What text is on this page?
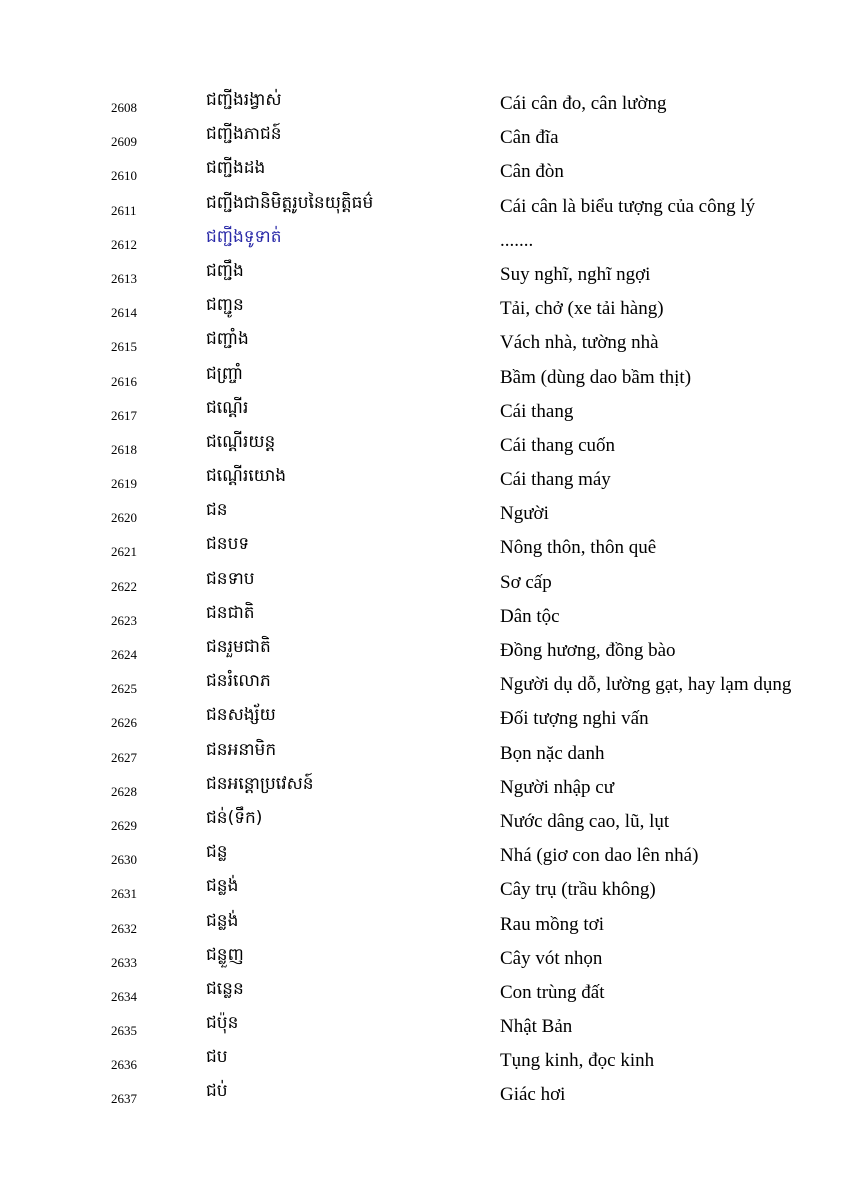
2608	ជញ្ជីងរង្វាស់	Cái cân đo, cân lường
2609	ជញ្ជីងភាជន៍	Cân đĩa
2610	ជញ្ជីងដង	Cân đòn
2611	ជញ្ជីងជានិមិត្តរូបនៃយុត្តិធម៌	Cái cân là biểu tượng của công lý
2612	ជញ្ជីងទូទាត់	.......
2613	ជញ្ជឹង	Suy nghĩ, nghĩ ngợi
2614	ជញ្ជូន	Tải, chở (xe tải hàng)
2615	ជញ្ជាំង	Vách nhà, tường nhà
2616	ជញ្ច្រាំ	Bầm (dùng dao bầm thịt)
2617	ជណ្ដើរ	Cái thang
2618	ជណ្ដើរយន្ត	Cái thang cuốn
2619	ជណ្ដើរយោង	Cái thang máy
2620	ជន	Người
2621	ជនបទ	Nông thôn, thôn quê
2622	ជនទាប	Sơ cấp
2623	ជនជាតិ	Dân tộc
2624	ជនរួមជាតិ	Đồng hương, đồng bào
2625	ជនរំលោភ	Người dụ dỗ, lường gạt, hay lạm dụng
2626	ជនសង្ស័យ	Đối tượng nghi vấn
2627	ជនអនាមិក	Bọn nặc danh
2628	ជនអន្តោប្រវេសន៍	Người nhập cư
2629	ជន់(ទឹក)	Nước dâng cao, lũ, lụt
2630	ជន្ល	Nhá (giơ con dao lên nhá)
2631	ជន្លង់	Cây trụ (trầu không)
2632	ជន្លង់	Rau mồng tơi
2633	ជន្លួញ	Cây vót nhọn
2634	ជន្លេន	Con trùng đất
2635	ជប៉ុន	Nhật Bản
2636	ជប	Tụng kinh, đọc kinh
2637	ជប់	Giác hơi
